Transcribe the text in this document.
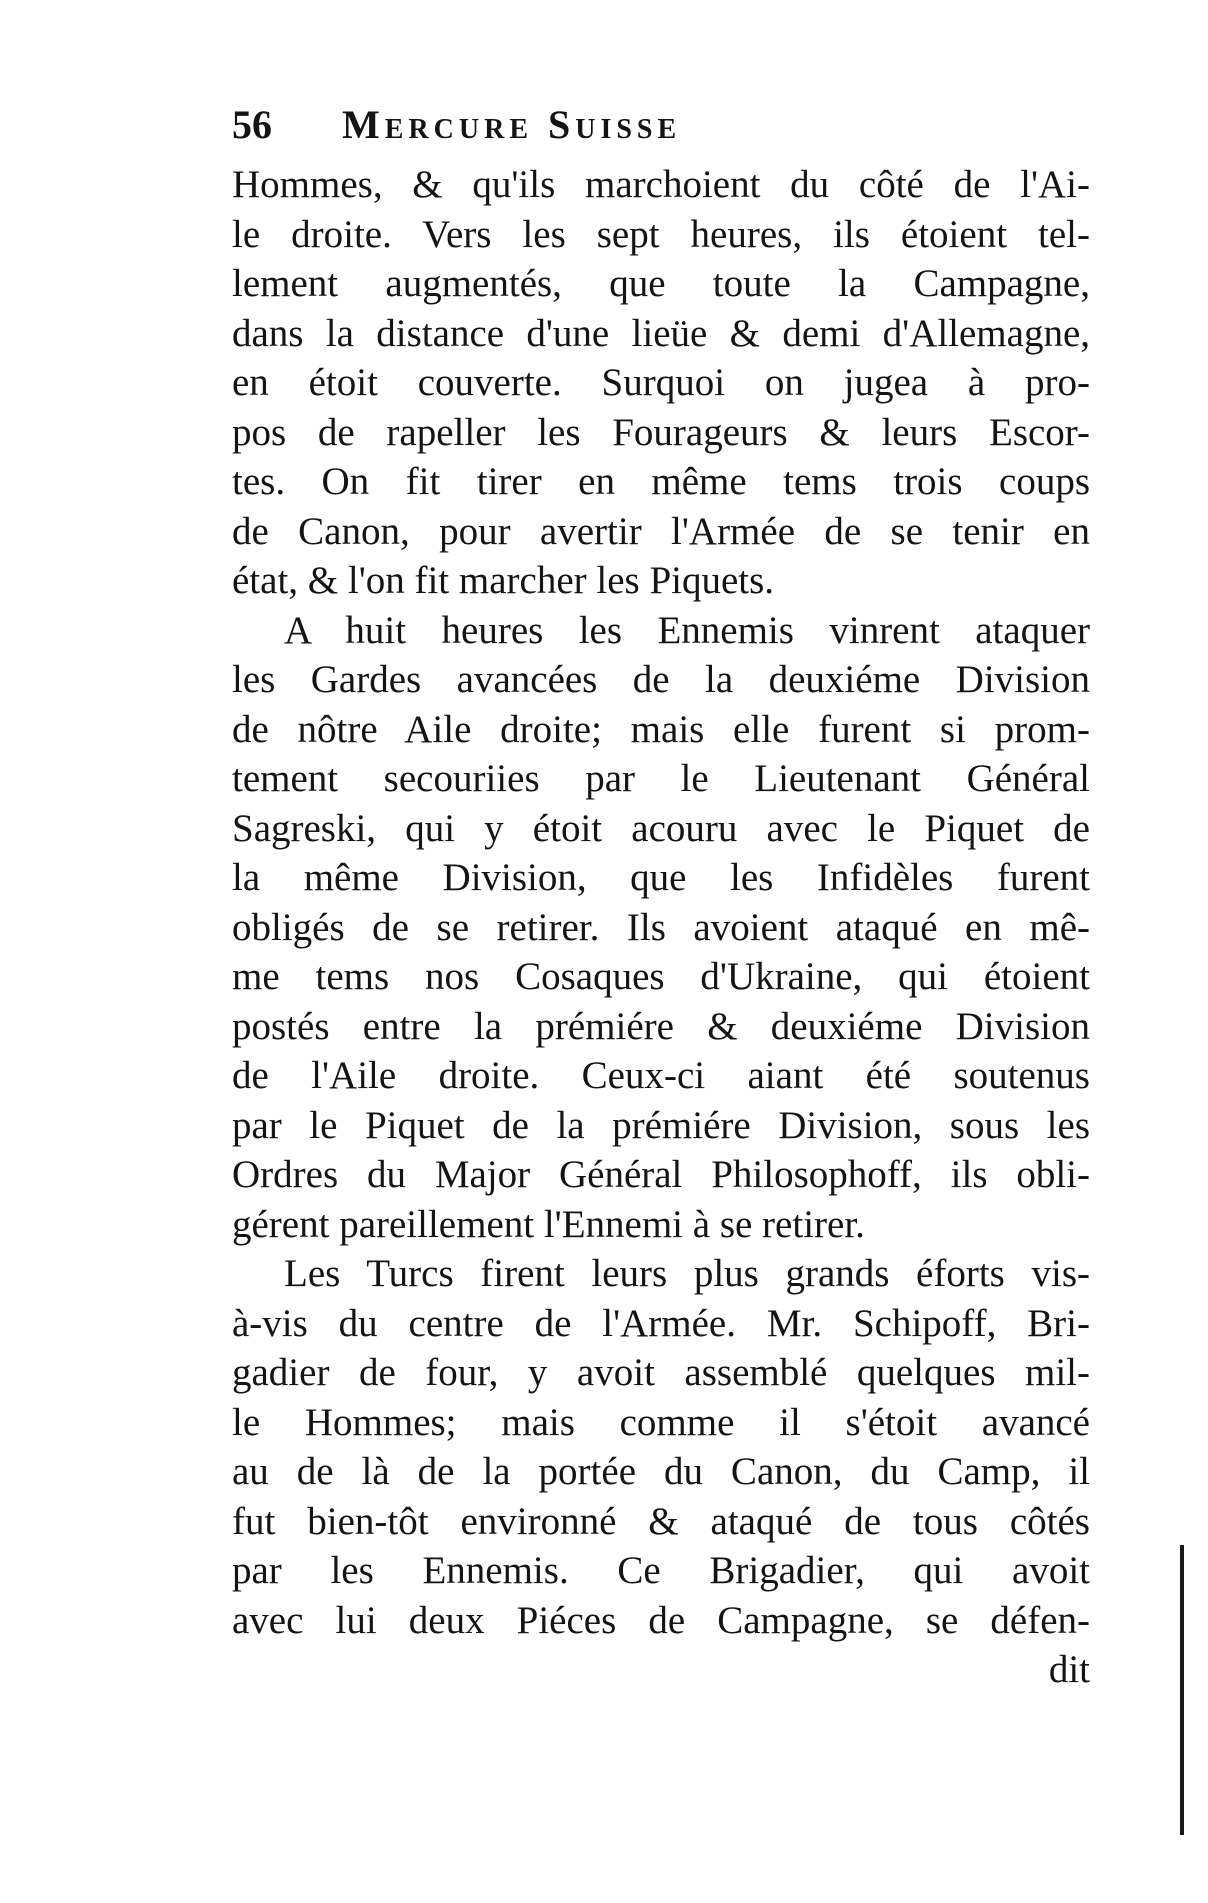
56 Mercure Suisse
Hommes, & qu'ils marchoient du côté de l'Ai-
le droite. Vers les sept heures, ils étoient tel-
lement augmentés, que toute la Campagne,
dans la distance d'une lieüe & demi d'Allemagne,
en étoit couverte. Surquoi on jugea à pro-
pos de rapeller les Fourageurs & leurs Escor-
tes. On fit tirer en même tems trois coups
de Canon, pour avertir l'Armée de se tenir en
état, & l'on fit marcher les Piquets.
A huit heures les Ennemis vinrent ataquer
les Gardes avancées de la deuxiéme Division
de nôtre Aile droite; mais elle furent si prom-
tement secouriies par le Lieutenant Général
Sagreski, qui y étoit acouru avec le Piquet de
la même Division, que les Infidèles furent
obligés de se retirer. Ils avoient ataqué en mê-
me tems nos Cosaques d'Ukraine, qui étoient
postés entre la prémiére & deuxiéme Division
de l'Aile droite. Ceux-ci aiant été soutenus
par le Piquet de la prémiére Division, sous les
Ordres du Major Général Philosophoff, ils obli-
gérent pareillement l'Ennemi à se retirer.
Les Turcs firent leurs plus grands éforts vis-
à-vis du centre de l'Armée. Mr. Schipoff, Bri-
gadier de four, y avoit assemblé quelques mil-
le Hommes; mais comme il s'étoit avancé
au de là de la portée du Canon, du Camp, il
fut bien-tôt environné & ataqué de tous côtés
par les Ennemis. Ce Brigadier, qui avoit
avec lui deux Piéces de Campagne, se défen-
dit
